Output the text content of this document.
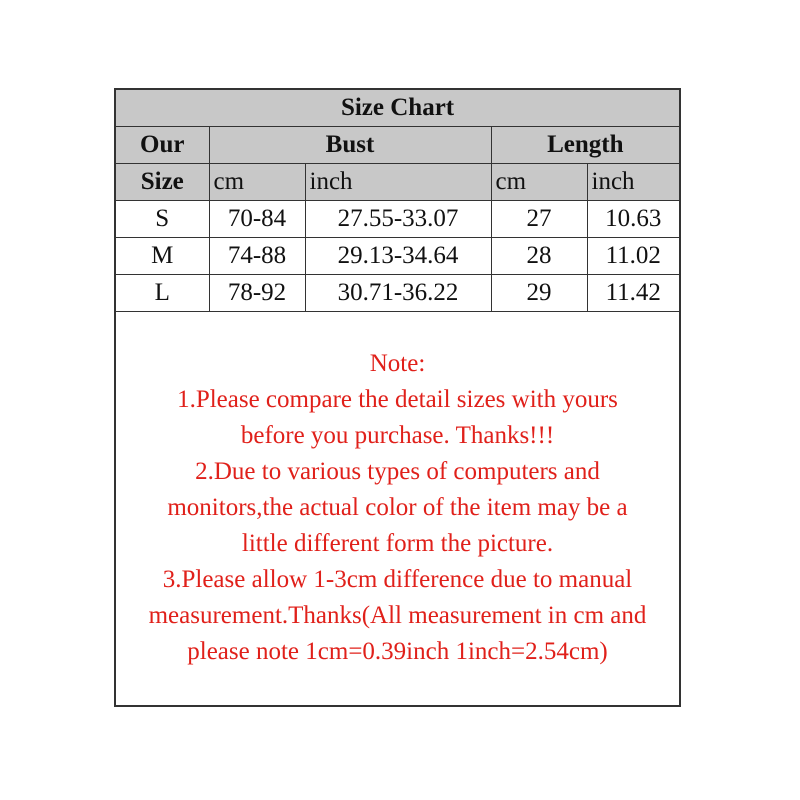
Size Chart				
Our	Bust		Length	
Size	cm	inch	cm	inch
S	70-84	27.55-33.07	27	10.63
M	74-88	29.13-34.64	28	11.02
L	78-92	30.71-36.22	29	11.42
Note:
1.Please compare the detail sizes with yours
before you purchase. Thanks!!!
2.Due to various types of computers and
monitors,the actual color of the item may be a
little different form the picture.
3.Please allow 1-3cm difference due to manual
measurement.Thanks(All measurement in cm and
please note 1cm=0.39inch 1inch=2.54cm)
